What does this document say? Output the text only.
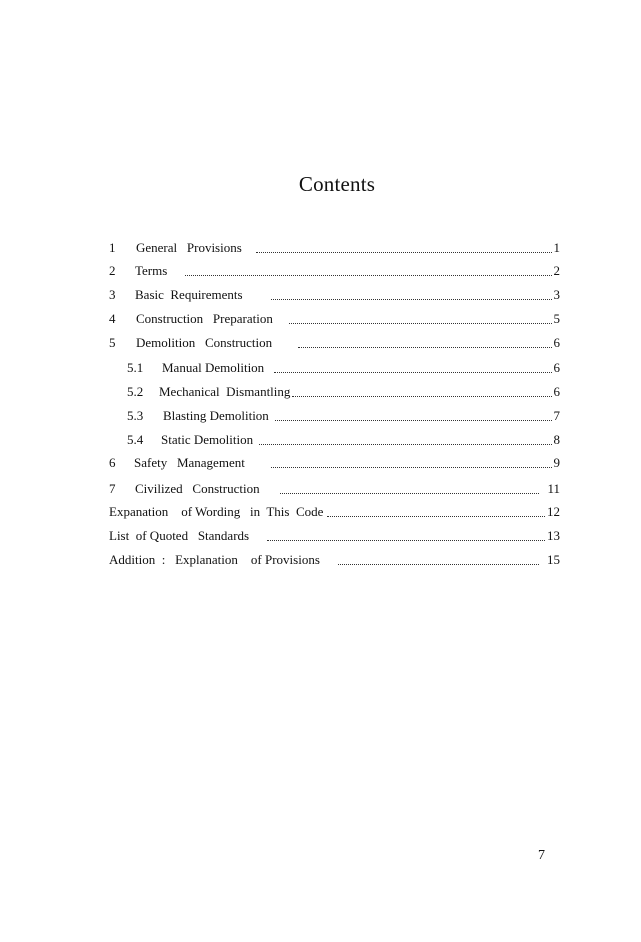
Contents
1	General   Provisions	1
2	Terms	2
3	Basic  Requirements	3
4	Construction   Preparation	5
5	Demolition   Construction	6
5.1	Manual Demolition	6
5.2	Mechanical  Dismantling	6
5.3	Blasting Demolition	7
5.4	Static Demolition	8
6	Safety   Management	9
7	Civilized   Construction	11
Expanation    of Wording   in  This  Code	12
List  of Quoted   Standards	13
Addition  :   Explanation    of Provisions	15
7
